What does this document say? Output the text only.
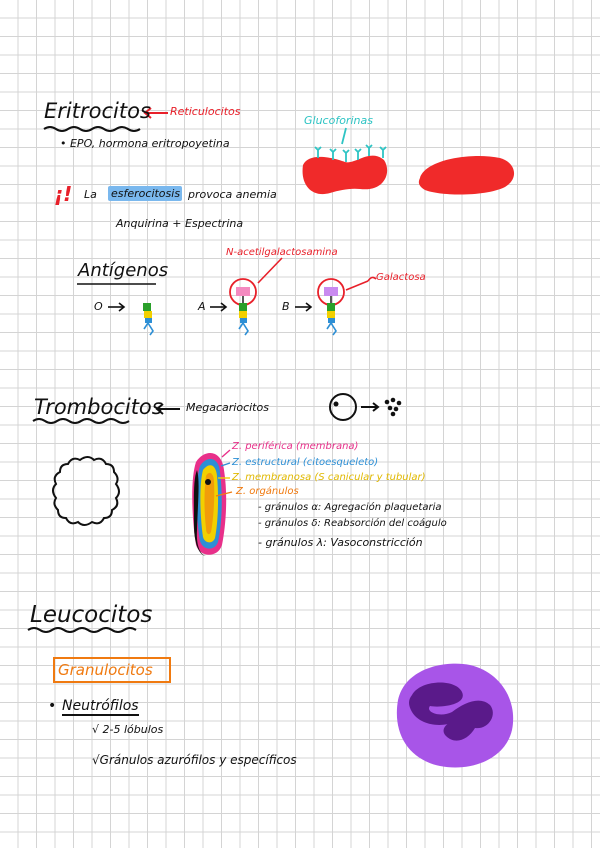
Eritrocitos Reticulocitos
• EPO, hormona eritropoyetina
Glucoforinas
¡! La esferocitosis provoca anemia
Anquirina + Espectrina
Antígenos
N-acetilgalactosamina
Galactosa
O	A	B
Trombocitos Megacariocitos
Z. periférica (membrana)
Z. estructural (citoesqueleto)
Z. membranosa (S canicular y tubular)
Z. orgánulos
- gránulos α: Agregación plaquetaria
- gránulos δ: Reabsorción del coágulo
- gránulos λ: Vasoconstricción
Leucocitos
Granulocitos
• Neutrófilos
√ 2-5 lóbulos
√Gránulos azurófilos y específicos
